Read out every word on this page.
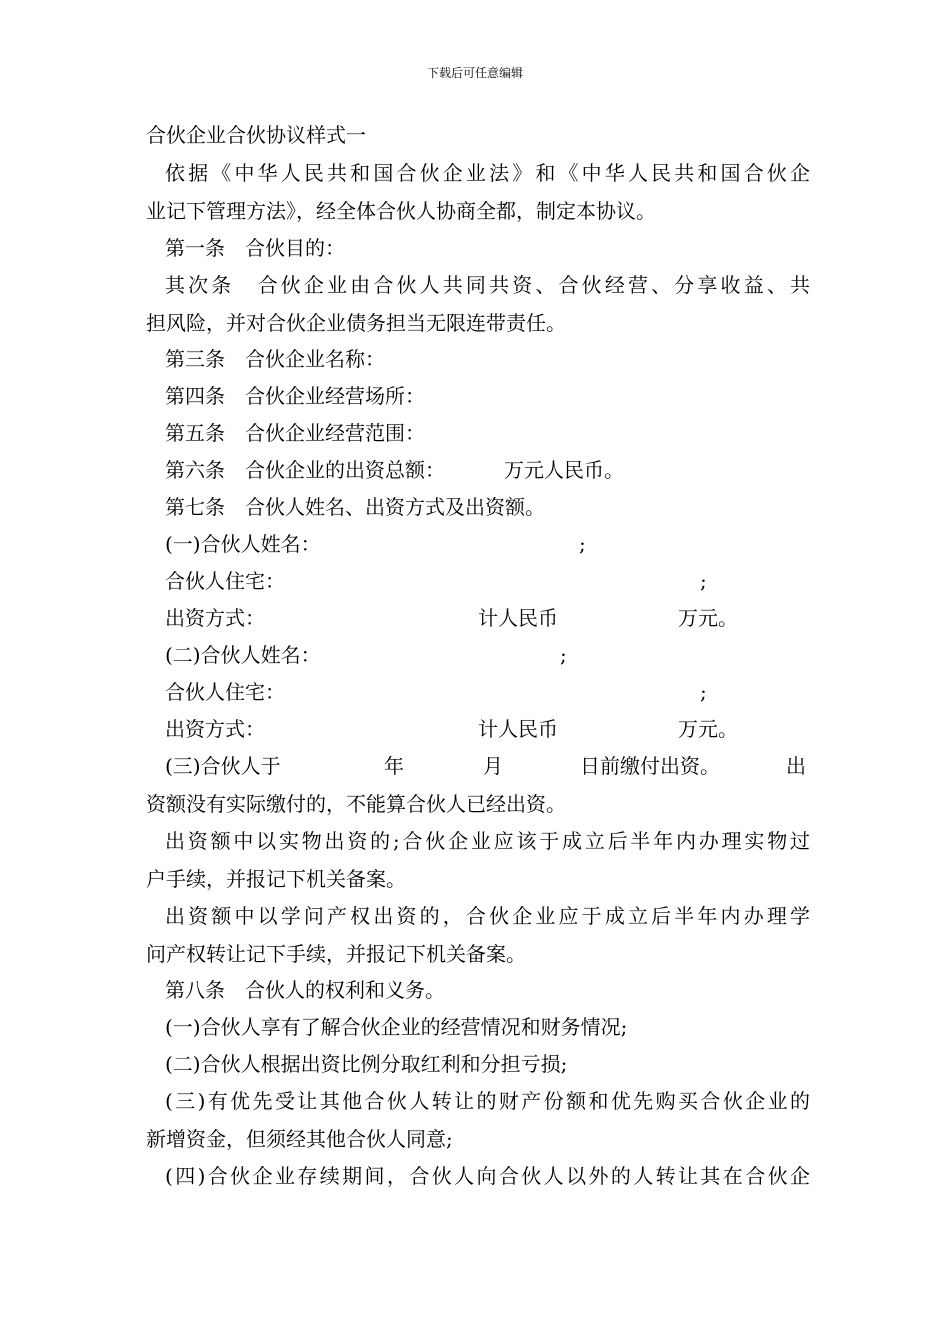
下载后可任意编辑
合伙企业合伙协议样式一
依据《中华人民共和国合伙企业法》和《中华人民共和国合伙企
业记下管理方法》，经全体合伙人协商全都，制定本协议。
第一条　合伙目的：
其次条　合伙企业由合伙人共同共资、合伙经营、分享收益、共
担风险，并对合伙企业债务担当无限连带责任。
第三条　合伙企业名称：
第四条　合伙企业经营场所：
第五条　合伙企业经营范围：

第六条　合伙企业的出资总额：

	万元人民币。

第七条　合伙人姓名、出资方式及出资额。

(一)合伙人姓名：

	;

合伙人住宅：

	;

出资方式：

	计人民币

	万元。

(二)合伙人姓名：

	;

合伙人住宅：

	;

出资方式：

	计人民币

	万元。

(三)合伙人于

	年

	月

	日前缴付出资。

	出

资额没有实际缴付的，不能算合伙人已经出资。
出资额中以实物出资的;合伙企业应该于成立后半年内办理实物过
户手续，并报记下机关备案。
出资额中以学问产权出资的，合伙企业应于成立后半年内办理学
问产权转让记下手续，并报记下机关备案。
第八条　合伙人的权利和义务。
(一)合伙人享有了解合伙企业的经营情况和财务情况;
(二)合伙人根据出资比例分取红利和分担亏损;
(三)有优先受让其他合伙人转让的财产份额和优先购买合伙企业的
新增资金，但须经其他合伙人同意;
(四)合伙企业存续期间，合伙人向合伙人以外的人转让其在合伙企
